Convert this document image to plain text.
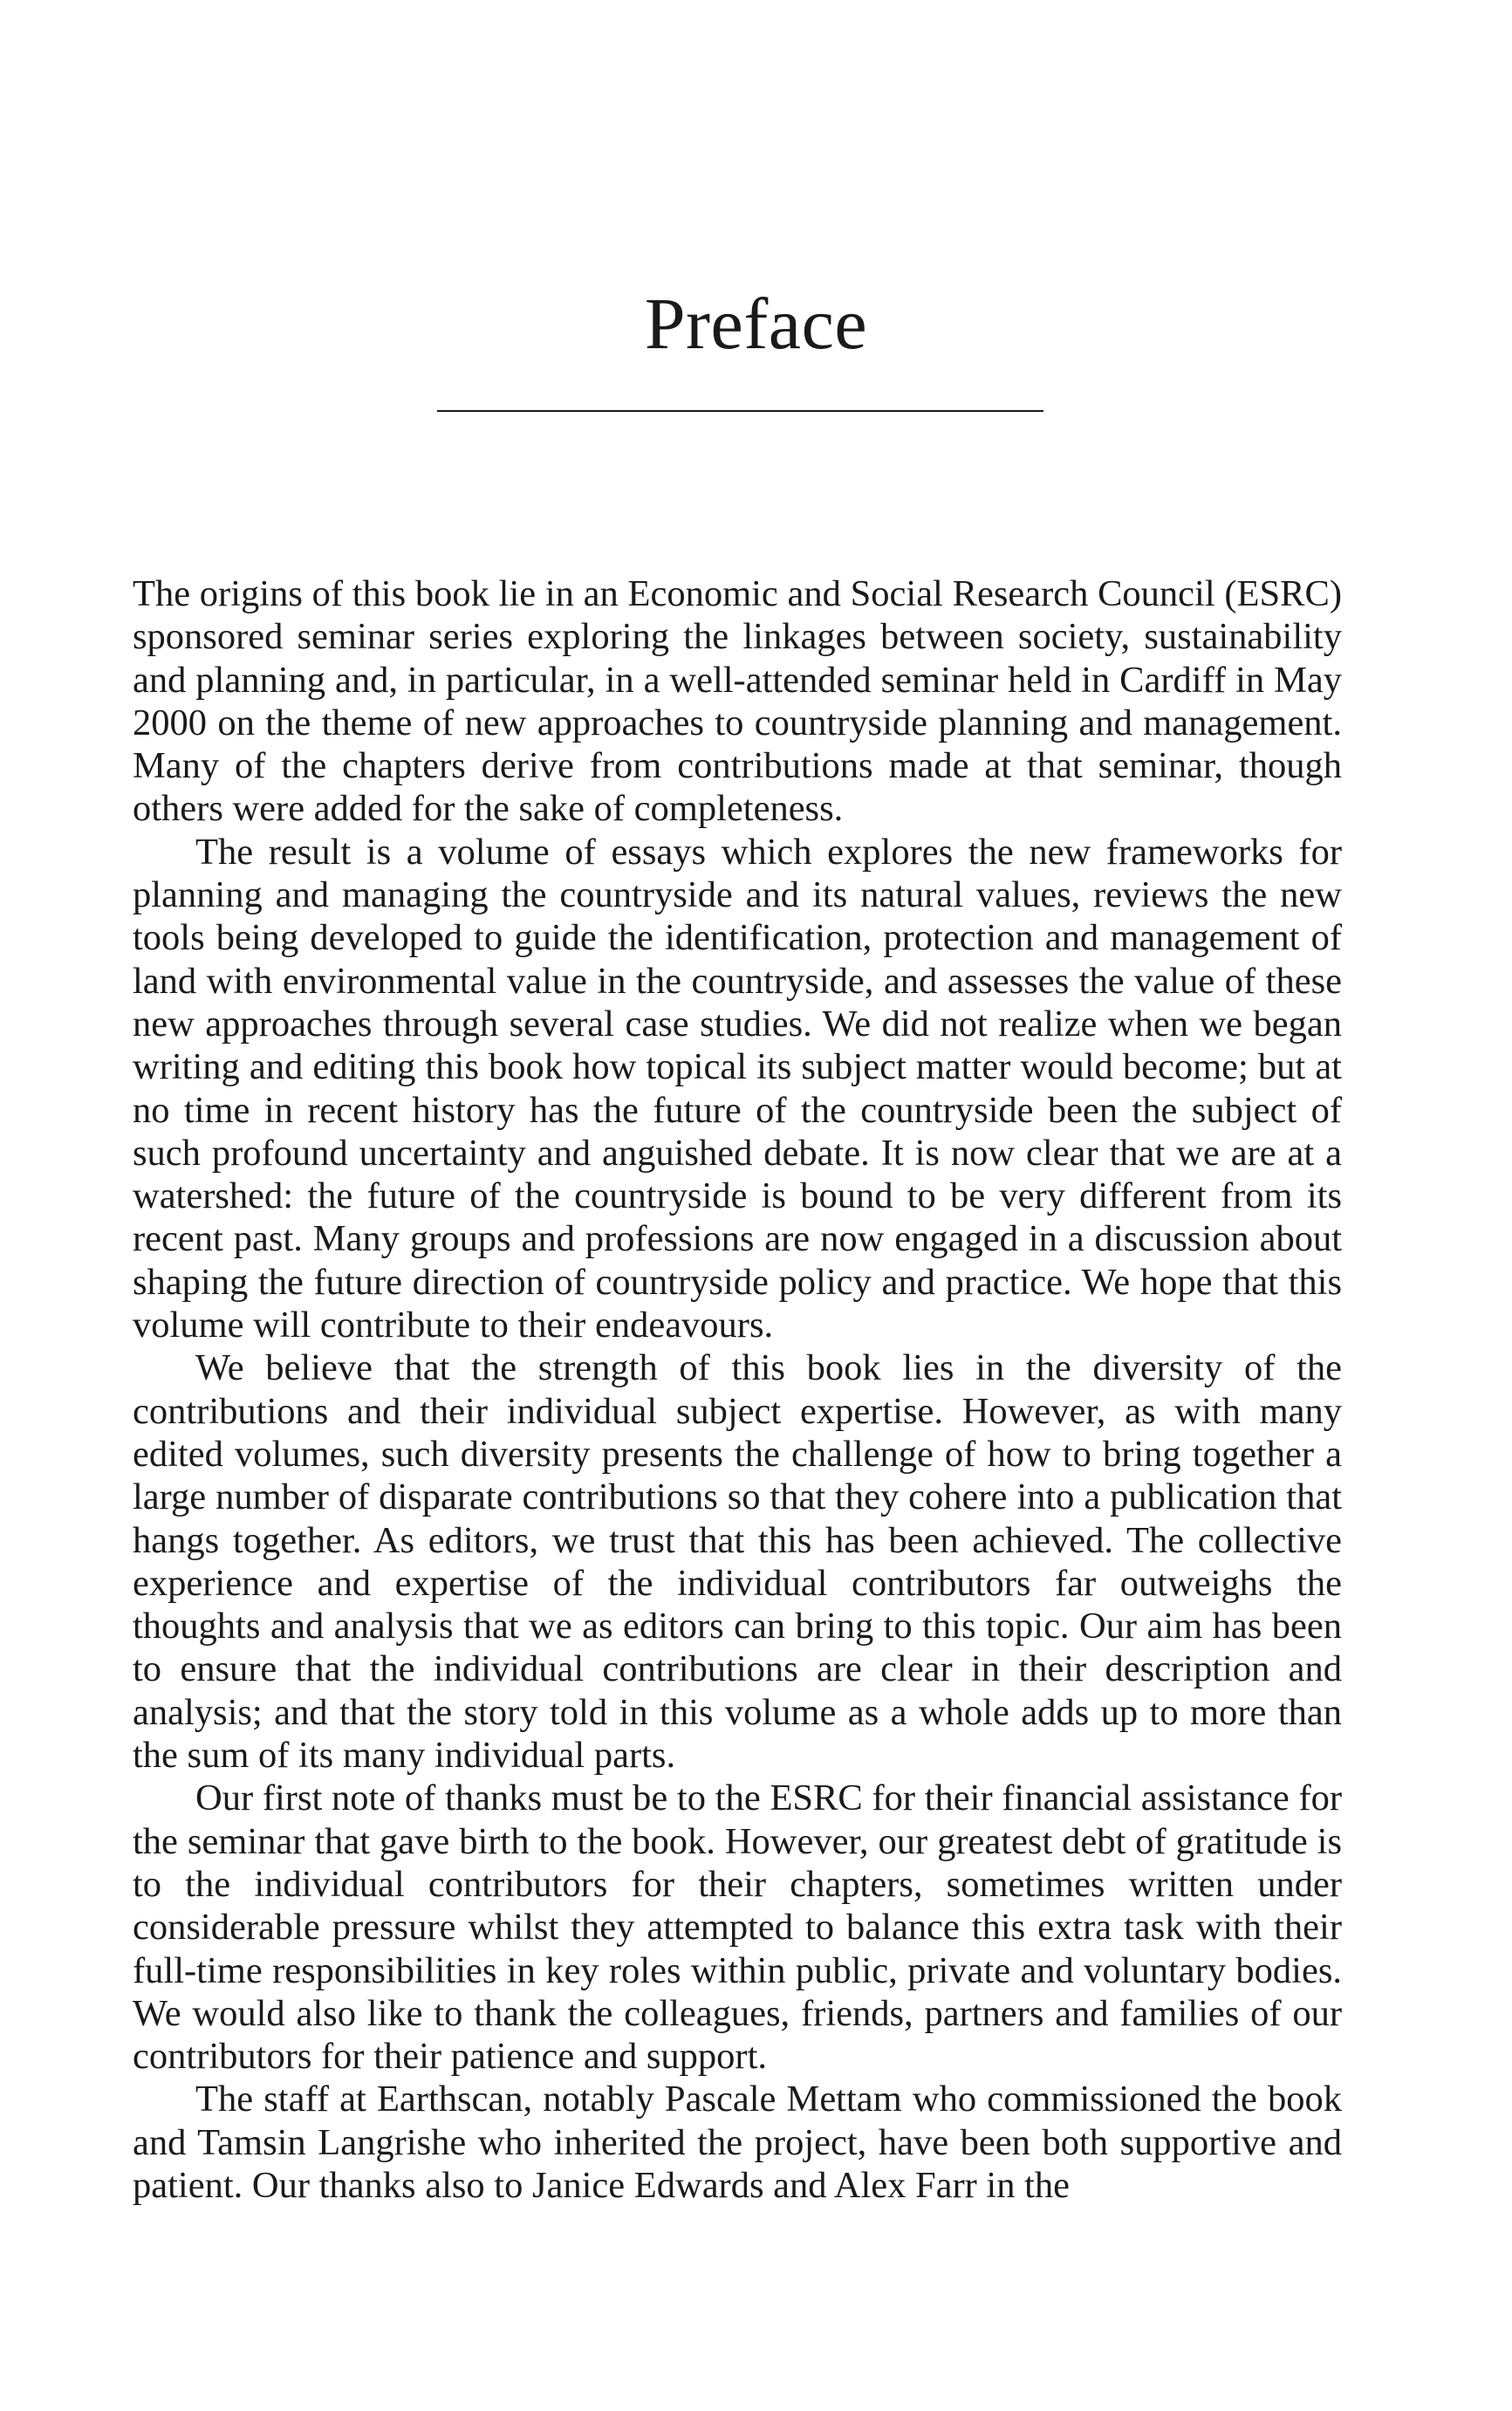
Preface

The origins of this book lie in an Economic and Social Research Council (ESRC) sponsored seminar series exploring the linkages between society, sustainability and planning and, in particular, in a well-attended seminar held in Cardiff in May 2000 on the theme of new approaches to countryside planning and management. Many of the chapters derive from contributions made at that seminar, though others were added for the sake of completeness.

The result is a volume of essays which explores the new frameworks for planning and managing the countryside and its natural values, reviews the new tools being developed to guide the identification, protection and management of land with environmental value in the countryside, and assesses the value of these new approaches through several case studies. We did not realize when we began writing and editing this book how topical its subject matter would become; but at no time in recent history has the future of the countryside been the subject of such profound uncertainty and anguished debate. It is now clear that we are at a watershed: the future of the countryside is bound to be very different from its recent past. Many groups and professions are now engaged in a discussion about shaping the future direction of countryside policy and practice. We hope that this volume will contribute to their endeavours.

We believe that the strength of this book lies in the diversity of the contributions and their individual subject expertise. However, as with many edited volumes, such diversity presents the challenge of how to bring together a large number of disparate contributions so that they cohere into a publication that hangs together. As editors, we trust that this has been achieved. The collective experience and expertise of the individual contributors far outweighs the thoughts and analysis that we as editors can bring to this topic. Our aim has been to ensure that the individual contributions are clear in their description and analysis; and that the story told in this volume as a whole adds up to more than the sum of its many individual parts.

Our first note of thanks must be to the ESRC for their financial assistance for the seminar that gave birth to the book. However, our greatest debt of gratitude is to the individual contributors for their chapters, sometimes written under considerable pressure whilst they attempted to balance this extra task with their full-time responsibilities in key roles within public, private and voluntary bodies. We would also like to thank the colleagues, friends, partners and families of our contributors for their patience and support.

The staff at Earthscan, notably Pascale Mettam who commissioned the book and Tamsin Langrishe who inherited the project, have been both supportive and patient. Our thanks also to Janice Edwards and Alex Farr in the
